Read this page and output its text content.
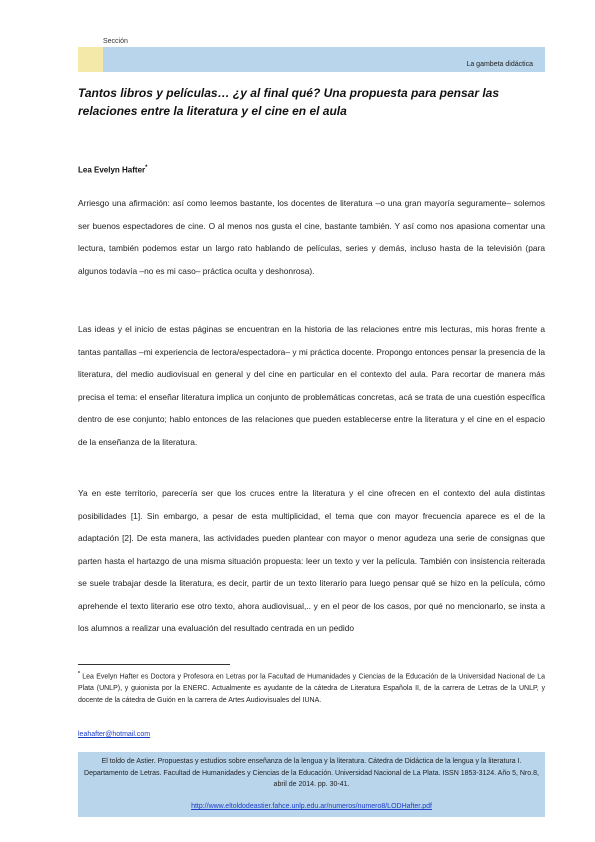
Sección
La gambeta didáctica
Tantos libros y películas… ¿y al final qué? Una propuesta para pensar las relaciones entre la literatura y el cine en el aula
Lea Evelyn Hafter*
Arriesgo una afirmación: así como leemos bastante, los docentes de literatura –o una gran mayoría seguramente– solemos ser buenos espectadores de cine. O al menos nos gusta el cine, bastante también. Y así como nos apasiona comentar una lectura, también podemos estar un largo rato hablando de películas, series y demás, incluso hasta de la televisión (para algunos todavía –no es mi caso– práctica oculta y deshonrosa).
Las ideas y el inicio de estas páginas se encuentran en la historia de las relaciones entre mis lecturas, mis horas frente a tantas pantallas –mi experiencia de lectora/espectadora– y mi práctica docente. Propongo entonces pensar la presencia de la literatura, del medio audiovisual en general y del cine en particular en el contexto del aula. Para recortar de manera más precisa el tema: el enseñar literatura implica un conjunto de problemáticas concretas, acá se trata de una cuestión específica dentro de ese conjunto; hablo entonces de las relaciones que pueden establecerse entre la literatura y el cine en el espacio de la enseñanza de la literatura.
Ya en este territorio, parecería ser que los cruces entre la literatura y el cine ofrecen en el contexto del aula distintas posibilidades [1]. Sin embargo, a pesar de esta multiplicidad, el tema que con mayor frecuencia aparece es el de la adaptación [2]. De esta manera, las actividades pueden plantear con mayor o menor agudeza una serie de consignas que parten hasta el hartazgo de una misma situación propuesta: leer un texto y ver la película. También con insistencia reiterada se suele trabajar desde la literatura, es decir, partir de un texto literario para luego pensar qué se hizo en la película, cómo aprehende el texto literario ese otro texto, ahora audiovisual,.. y en el peor de los casos, por qué no mencionarlo, se insta a los alumnos a realizar una evaluación del resultado centrada en un pedido
* Lea Evelyn Hafter es Doctora y Profesora en Letras por la Facultad de Humanidades y Ciencias de la Educación de la Universidad Nacional de La Plata (UNLP), y guionista por la ENERC. Actualmente es ayudante de la cátedra de Literatura Española II, de la carrera de Letras de la UNLP, y docente de la cátedra de Guión en la carrera de Artes Audiovisuales del IUNA.
leahafter@hotmail.com
El toldo de Astier. Propuestas y estudios sobre enseñanza de la lengua y la literatura. Cátedra de Didáctica de la lengua y la literatura I. Departamento de Letras. Facultad de Humanidades y Ciencias de la Educación. Universidad Nacional de La Plata. ISSN 1853-3124. Año 5, Nro.8, abril de 2014. pp. 30-41.
http://www.eltoldodeastier.fahce.unlp.edu.ar/numeros/numero8/LODHafter.pdf
